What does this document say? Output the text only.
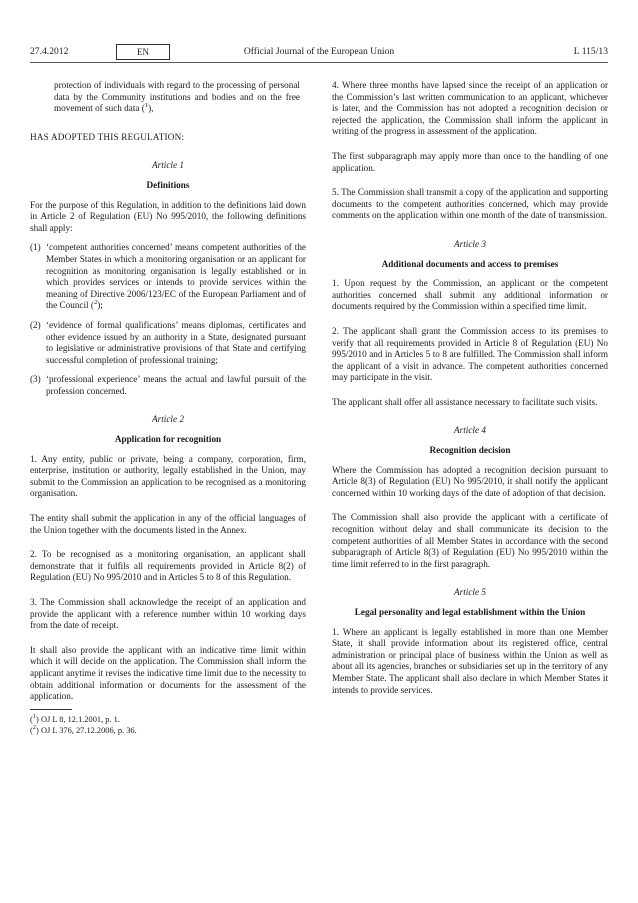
27.4.2012	EN	Official Journal of the European Union	L 115/13

protection of individuals with regard to the processing of personal data by the Community institutions and bodies and on the free movement of such data ($^1$),

HAS ADOPTED THIS REGULATION:

Article 1
Definitions

For the purpose of this Regulation, in addition to the definitions laid down in Article 2 of Regulation (EU) No 995/2010, the following definitions shall apply:

(1) ‘competent authorities concerned’ means competent authorities of the Member States in which a monitoring organisation or an applicant for recognition as monitoring organisation is legally established or in which provides services or intends to provide services within the meaning of Directive 2006/123/EC of the European Parliament and of the Council ($^2$);
(2) ‘evidence of formal qualifications’ means diplomas, certificates and other evidence issued by an authority in a State, designated pursuant to legislative or administrative provisions of that State and certifying successful completion of professional training;
(3) ‘professional experience’ means the actual and lawful pursuit of the profession concerned.
Article 2
Application for recognition

1. Any entity, public or private, being a company, corporation, firm, enterprise, institution or authority, legally established in the Union, may submit to the Commission an application to be recognised as a monitoring organisation.

The entity shall submit the application in any of the official languages of the Union together with the documents listed in the Annex.

2. To be recognised as a monitoring organisation, an applicant shall demonstrate that it fulfils all requirements provided in Article 8(2) of Regulation (EU) No 995/2010 and in Articles 5 to 8 of this Regulation.

3. The Commission shall acknowledge the receipt of an application and provide the applicant with a reference number within 10 working days from the date of receipt.

It shall also provide the applicant with an indicative time limit within which it will decide on the application. The Commission shall inform the applicant anytime it revises the indicative time limit due to the necessity to obtain additional information or documents for the assessment of the application.

($^1$) OJ L 8, 12.1.2001, p. 1.
($^2$) OJ L 376, 27.12.2006, p. 36.

4. Where three months have lapsed since the receipt of an application or the Commission’s last written communication to an applicant, whichever is later, and the Commission has not adopted a recognition decision or rejected the application, the Commission shall inform the applicant in writing of the progress in assessment of the application.

The first subparagraph may apply more than once to the handling of one application.

5. The Commission shall transmit a copy of the application and supporting documents to the competent authorities concerned, which may provide comments on the application within one month of the date of transmission.

Article 3
Additional documents and access to premises

1. Upon request by the Commission, an applicant or the competent authorities concerned shall submit any additional information or documents required by the Commission within a specified time limit.

2. The applicant shall grant the Commission access to its premises to verify that all requirements provided in Article 8 of Regulation (EU) No 995/2010 and in Articles 5 to 8 are fulfilled. The Commission shall inform the applicant of a visit in advance. The competent authorities concerned may participate in the visit.

The applicant shall offer all assistance necessary to facilitate such visits.

Article 4
Recognition decision

Where the Commission has adopted a recognition decision pursuant to Article 8(3) of Regulation (EU) No 995/2010, it shall notify the applicant concerned within 10 working days of the date of adoption of that decision.

The Commission shall also provide the applicant with a certificate of recognition without delay and shall communicate its decision to the competent authorities of all Member States in accordance with the second subparagraph of Article 8(3) of Regulation (EU) No 995/2010 within the time limit referred to in the first paragraph.

Article 5
Legal personality and legal establishment within the Union

1. Where an applicant is legally established in more than one Member State, it shall provide information about its registered office, central administration or principal place of business within the Union as well as about all its agencies, branches or subsidiaries set up in the territory of any Member State. The applicant shall also declare in which Member States it intends to provide services.
